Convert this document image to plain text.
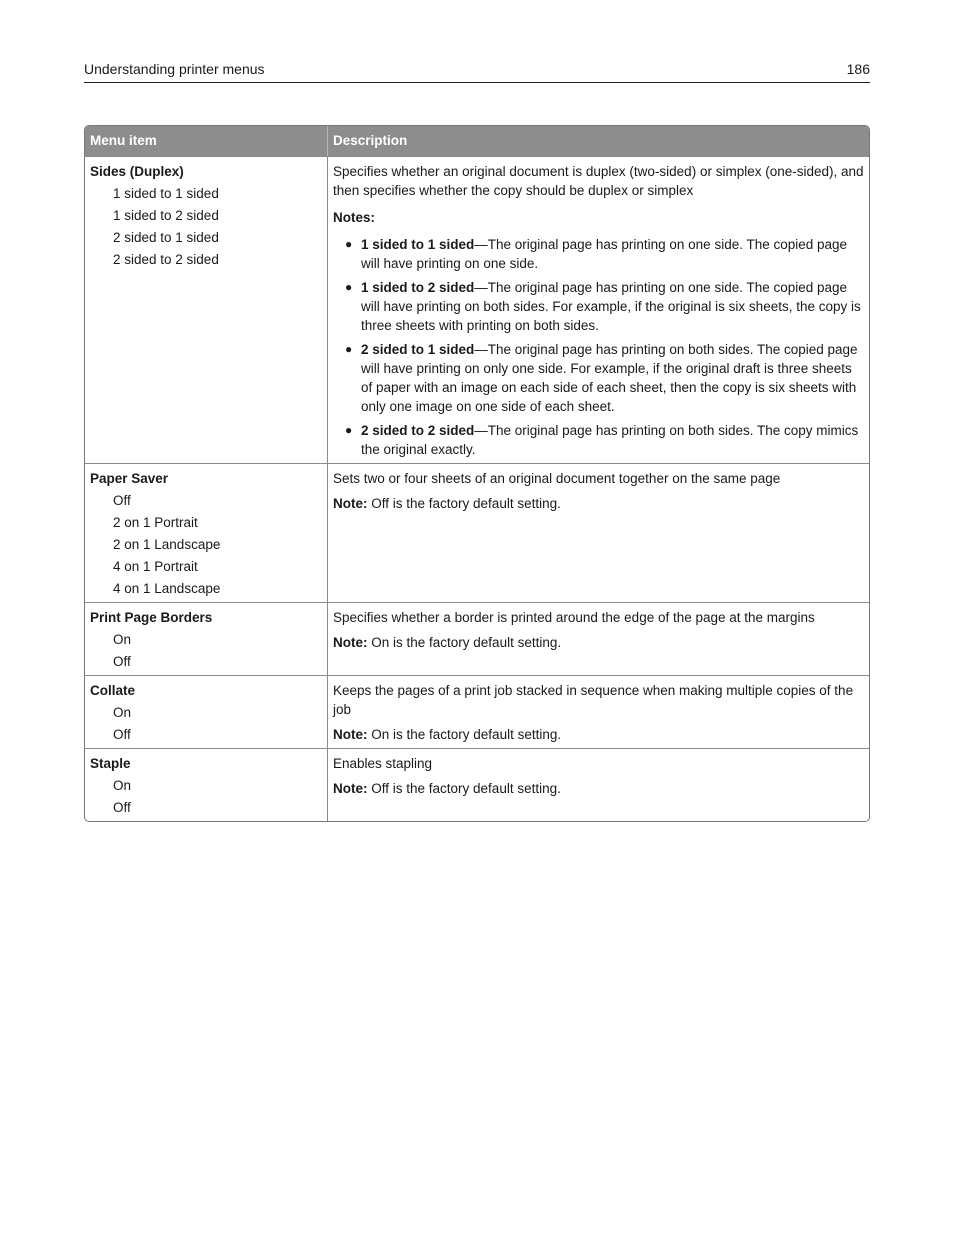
Understanding printer menus	186
Menu item	Description
Sides (Duplex)
1 sided to 1 sided
1 sided to 2 sided
2 sided to 1 sided
2 sided to 2 sided

Specifies whether an original document is duplex (two-sided) or simplex (one-sided), and then specifies whether the copy should be duplex or simplex

Notes:

● 1 sided to 1 sided—The original page has printing on one side. The copied page will have printing on one side.
● 1 sided to 2 sided—The original page has printing on one side. The copied page will have printing on both sides. For example, if the original is six sheets, the copy is three sheets with printing on both sides.
● 2 sided to 1 sided—The original page has printing on both sides. The copied page will have printing on only one side. For example, if the original draft is three sheets of paper with an image on each side of each sheet, then the copy is six sheets with only one image on one side of each sheet.
● 2 sided to 2 sided—The original page has printing on both sides. The copy mimics the original exactly.
Paper Saver
Off
2 on 1 Portrait
2 on 1 Landscape
4 on 1 Portrait
4 on 1 Landscape

Sets two or four sheets of an original document together on the same page

Note: Off is the factory default setting.

Print Page Borders
On
Off

Specifies whether a border is printed around the edge of the page at the margins

Note: On is the factory default setting.

Collate
On
Off

Keeps the pages of a print job stacked in sequence when making multiple copies of the job

Note: On is the factory default setting.

Staple
On
Off

Enables stapling

Note: Off is the factory default setting.
